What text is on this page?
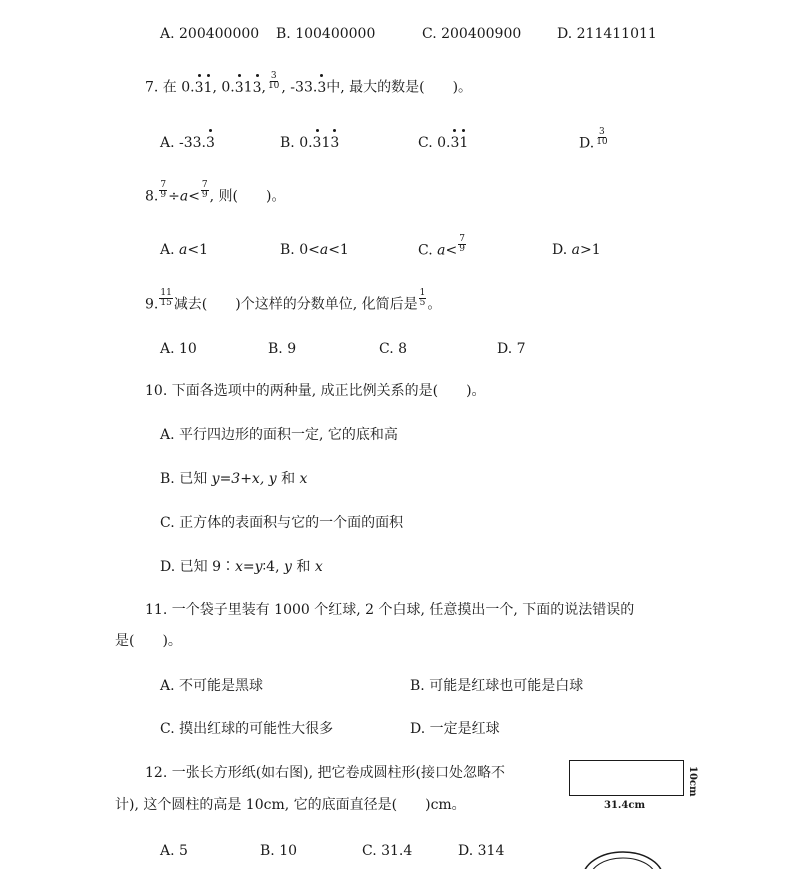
A. 200400000 B. 100400000	C. 200400900	D. 211411011
7. 在 0.31, 0.313, $\frac{3}{10}$ , -33.3中, 最大的数是(　　)。
A. -33.3	B. 0.313	C. 0.31	D. $\frac{3}{10}$
8. $\frac{7}{9} \div a< \frac{7}{9}$ , 则(　　)。
A. a<1	B. 0<a<1	C. $a< \frac{7}{9}$	D. a>1
9. $\frac{11}{15}$ 减去(　　)个这样的分数单位, 化简后是 $\frac{1}{5}$ 。
A. 10	B. 9	C. 8	D. 7
10. 下面各选项中的两种量, 成正比例关系的是(　　)。
A. 平行四边形的面积一定, 它的底和高
B. 已知 y=3+x, y 和 x
C. 正方体的表面积与它的一个面的面积
D. 已知 9∶x=y∶4, y 和 x
11. 一个袋子里装有 1000 个红球, 2 个白球, 任意摸出一个, 下面的说法错误的
是(　　)。
A. 不可能是黑球	B. 可能是红球也可能是白球
C. 摸出红球的可能性大很多	D. 一定是红球
12. 一张长方形纸(如右图), 把它卷成圆柱形(接口处忽略不
计), 这个圆柱的高是 10cm, 它的底面直径是(　　)cm。
A. 5	B. 10	C. 31.4	D. 314
31.4cm
10cm
